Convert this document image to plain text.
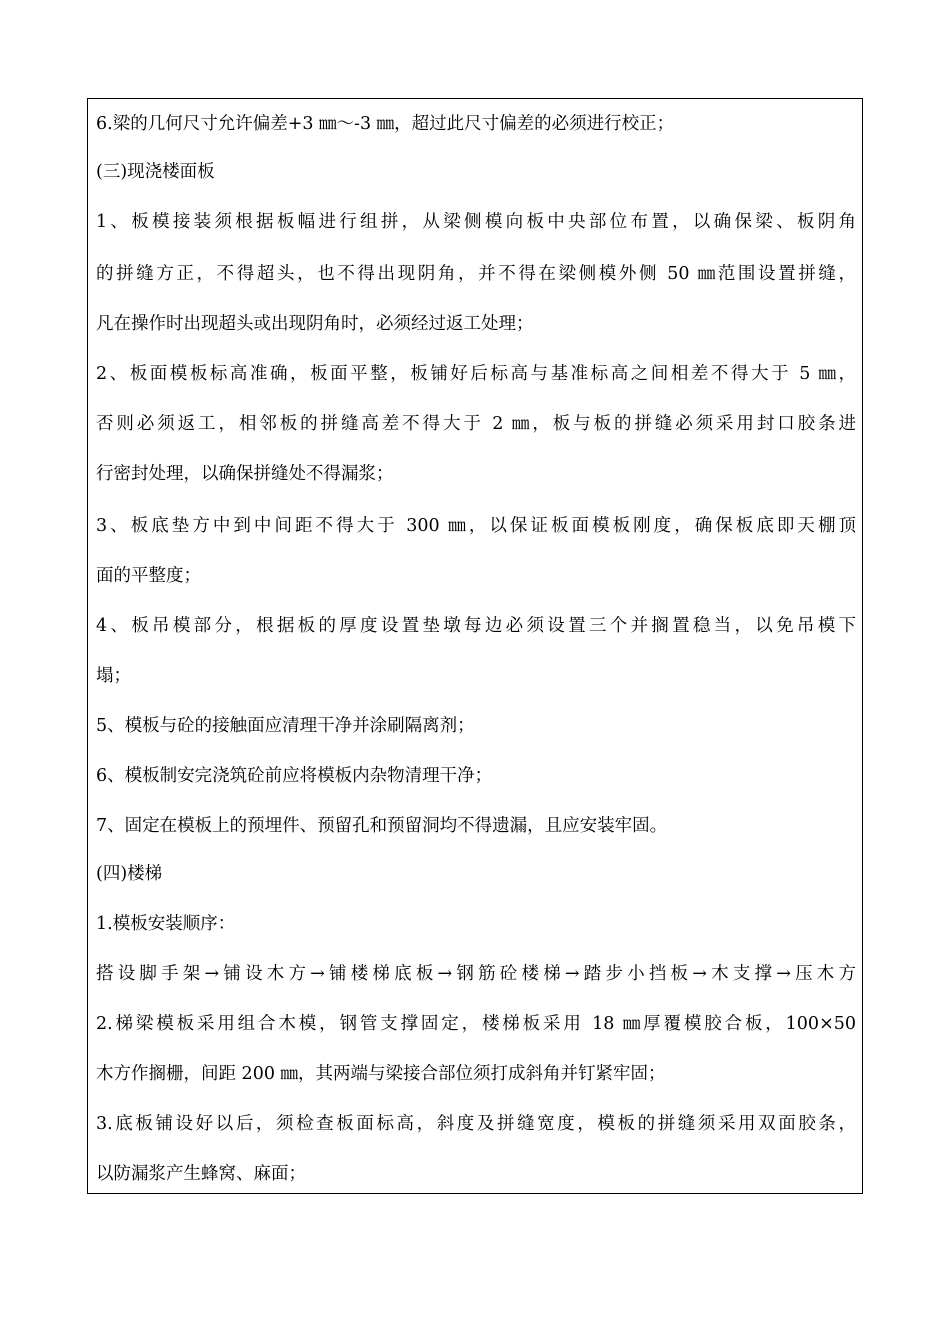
6.梁的几何尺寸允许偏差+3 ㎜～-3 ㎜，超过此尺寸偏差的必须进行校正；
(三)现浇楼面板
1、板模接装须根据板幅进行组拼，从梁侧模向板中央部位布置，以确保梁、板阴角
的拼缝方正，不得超头，也不得出现阴角，并不得在梁侧模外侧 50 ㎜范围设置拼缝，
凡在操作时出现超头或出现阴角时，必须经过返工处理；
2、板面模板标高准确，板面平整，板铺好后标高与基准标高之间相差不得大于 5 ㎜，
否则必须返工，相邻板的拼缝高差不得大于 2 ㎜，板与板的拼缝必须采用封口胶条进
行密封处理，以确保拼缝处不得漏浆；
3、板底垫方中到中间距不得大于 300 ㎜，以保证板面模板刚度，确保板底即天棚顶
面的平整度；
4、板吊模部分，根据板的厚度设置垫墩每边必须设置三个并搁置稳当，以免吊模下
塌；
5、模板与砼的接触面应清理干净并涂刷隔离剂；
6、模板制安完浇筑砼前应将模板内杂物清理干净；
7、固定在模板上的预埋件、预留孔和预留洞均不得遗漏，且应安装牢固。
(四)楼梯
1.模板安装顺序：
搭设脚手架→铺设木方→铺楼梯底板→钢筋砼楼梯→踏步小挡板→木支撑→压木方
2.梯梁模板采用组合木模，钢管支撑固定，楼梯板采用 18 ㎜厚覆模胶合板，100×50
木方作搁栅，间距 200 ㎜，其两端与梁接合部位须打成斜角并钉紧牢固；
3.底板铺设好以后，须检查板面标高，斜度及拼缝宽度，模板的拼缝须采用双面胶条，
以防漏浆产生蜂窝、麻面；
